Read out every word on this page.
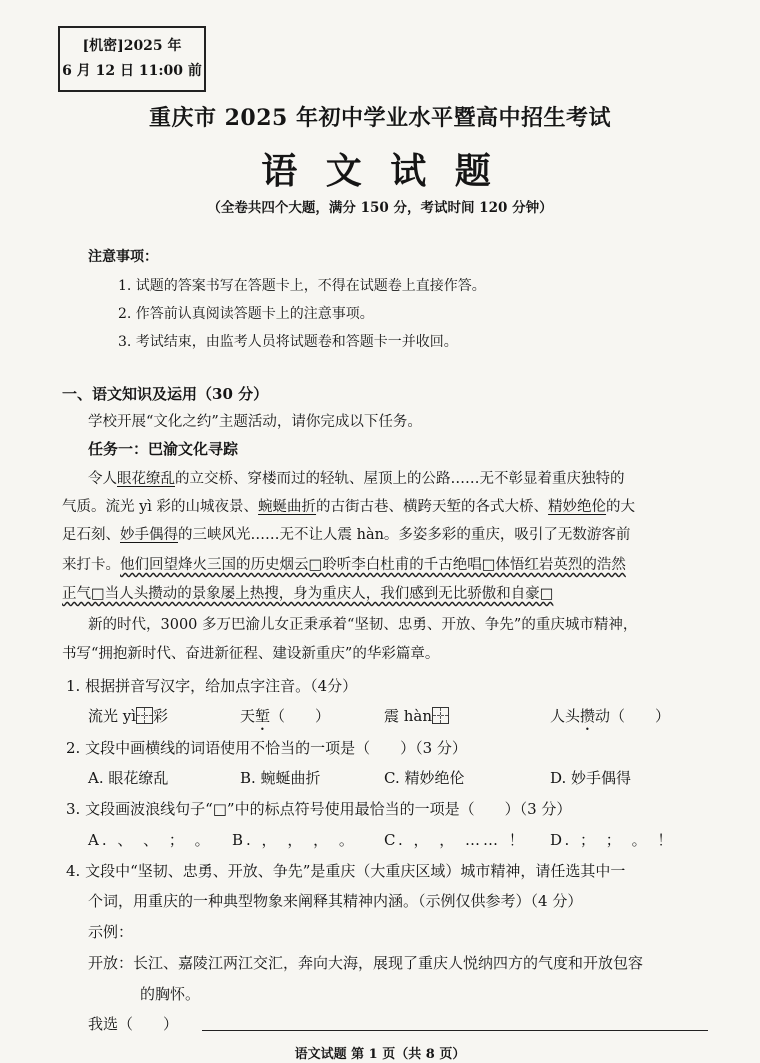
[机密]2025 年
6 月 12 日 11:00 前
重庆市 2025 年初中学业水平暨高中招生考试
语 文 试 题
（全卷共四个大题，满分 150 分，考试时间 120 分钟）
注意事项：
1. 试题的答案书写在答题卡上，不得在试题卷上直接作答。
2. 作答前认真阅读答题卡上的注意事项。
3. 考试结束，由监考人员将试题卷和答题卡一并收回。
一、语文知识及运用（30 分）
学校开展“文化之约”主题活动，请你完成以下任务。
任务一：巴渝文化寻踪
令人眼花缭乱的立交桥、穿楼而过的轻轨、屋顶上的公路……无不彰显着重庆独特的
气质。流光 yì 彩的山城夜景、蜿蜒曲折的古街古巷、横跨天堑的各式大桥、精妙绝伦的大
足石刻、妙手偶得的三峡风光……无不让人震 hàn。多姿多彩的重庆，吸引了无数游客前
来打卡。他们回望烽火三国的历史烟云□聆听李白杜甫的千古绝唱□体悟红岩英烈的浩然
正气□当人头攒动的景象屡上热搜，身为重庆人，我们感到无比骄傲和自豪□
新的时代，3000 多万巴渝儿女正秉承着“坚韧、忠勇、开放、争先”的重庆城市精神，
书写“拥抱新时代、奋进新征程、建设新重庆”的华彩篇章。
1. 根据拼音写汉字，给加点字注音。（4分）
流光 yì 彩	天堑（　　）	震 hàn	人头攒动（　　）
2. 文段中画横线的词语使用不恰当的一项是（　　）（3 分）
A. 眼花缭乱	B. 蜿蜒曲折	C. 精妙绝伦	D. 妙手偶得
3. 文段画波浪线句子“□”中的标点符号使用最恰当的一项是（　　）（3 分）
A. 、 、 ； 。 B. ， ， ， 。 C. ， ， …… ！ D. ； ； 。 ！
4. 文段中“坚韧、忠勇、开放、争先”是重庆（大重庆区域）城市精神，请任选其中一
个词，用重庆的一种典型物象来阐释其精神内涵。（示例仅供参考）（4 分）
示例：
开放：长江、嘉陵江两江交汇，奔向大海，展现了重庆人悦纳四方的气度和开放包容
的胸怀。
我选（　　）
语文试题 第 1 页（共 8 页）
